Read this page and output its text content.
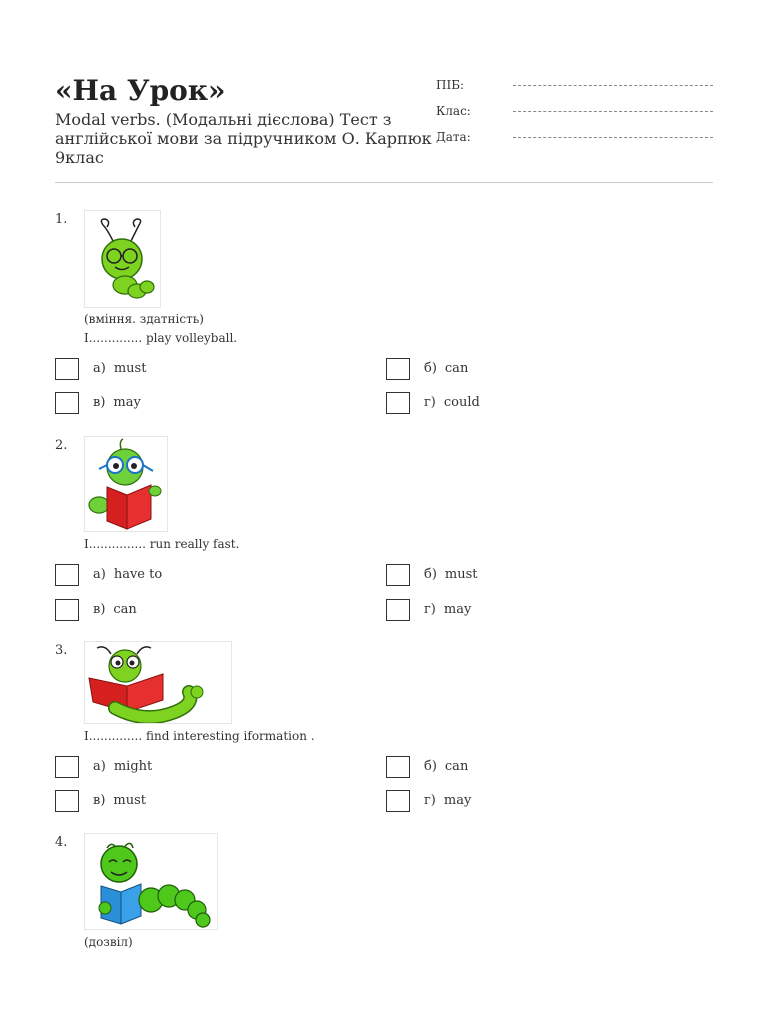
«На Урок»
Modal verbs. (Модальні дієслова) Тест з англійської мови за підручником О. Карпюк 9клас
ПІБ:
Клас:
Дата:
1.
(вміння. здатність)
I.............. play volleyball.
а) must	б) can
в) may	г) could
2.
I............... run really fast.
а) have to	б) must
в) can	г) may
3.
I.............. find interesting iformation .
а) might	б) can
в) must	г) may
4.
(дозвіл)
